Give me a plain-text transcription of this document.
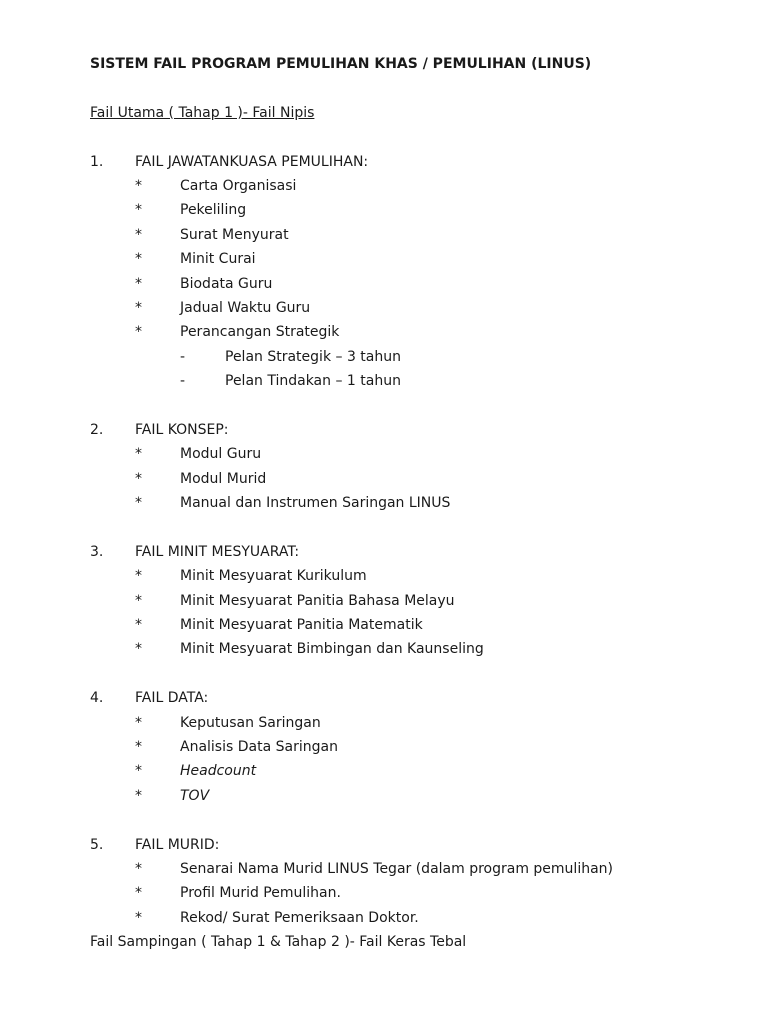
SISTEM FAIL PROGRAM PEMULIHAN KHAS / PEMULIHAN (LINUS)
Fail Utama ( Tahap 1 )- Fail Nipis
1. FAIL JAWATANKUASA PEMULIHAN:
*	Carta Organisasi
*	Pekeliling
*	Surat Menyurat
*	Minit Curai
*	Biodata Guru
*	Jadual Waktu Guru
*	Perancangan Strategik
-	Pelan Strategik – 3 tahun
-	Pelan Tindakan – 1 tahun
2. FAIL KONSEP:
*	Modul Guru
*	Modul Murid
*	Manual dan Instrumen Saringan LINUS
3. FAIL MINIT MESYUARAT:
*	Minit Mesyuarat Kurikulum
*	Minit Mesyuarat Panitia Bahasa Melayu
*	Minit Mesyuarat Panitia Matematik
*	Minit Mesyuarat Bimbingan dan Kaunseling
4. FAIL DATA:
*	Keputusan Saringan
*	Analisis Data Saringan
*	Headcount
*	TOV
5. FAIL MURID:
*	Senarai Nama Murid LINUS Tegar (dalam program pemulihan)
*	Profil Murid Pemulihan.
*	Rekod/ Surat Pemeriksaan Doktor.
Fail Sampingan ( Tahap 1 & Tahap 2 )- Fail Keras Tebal
